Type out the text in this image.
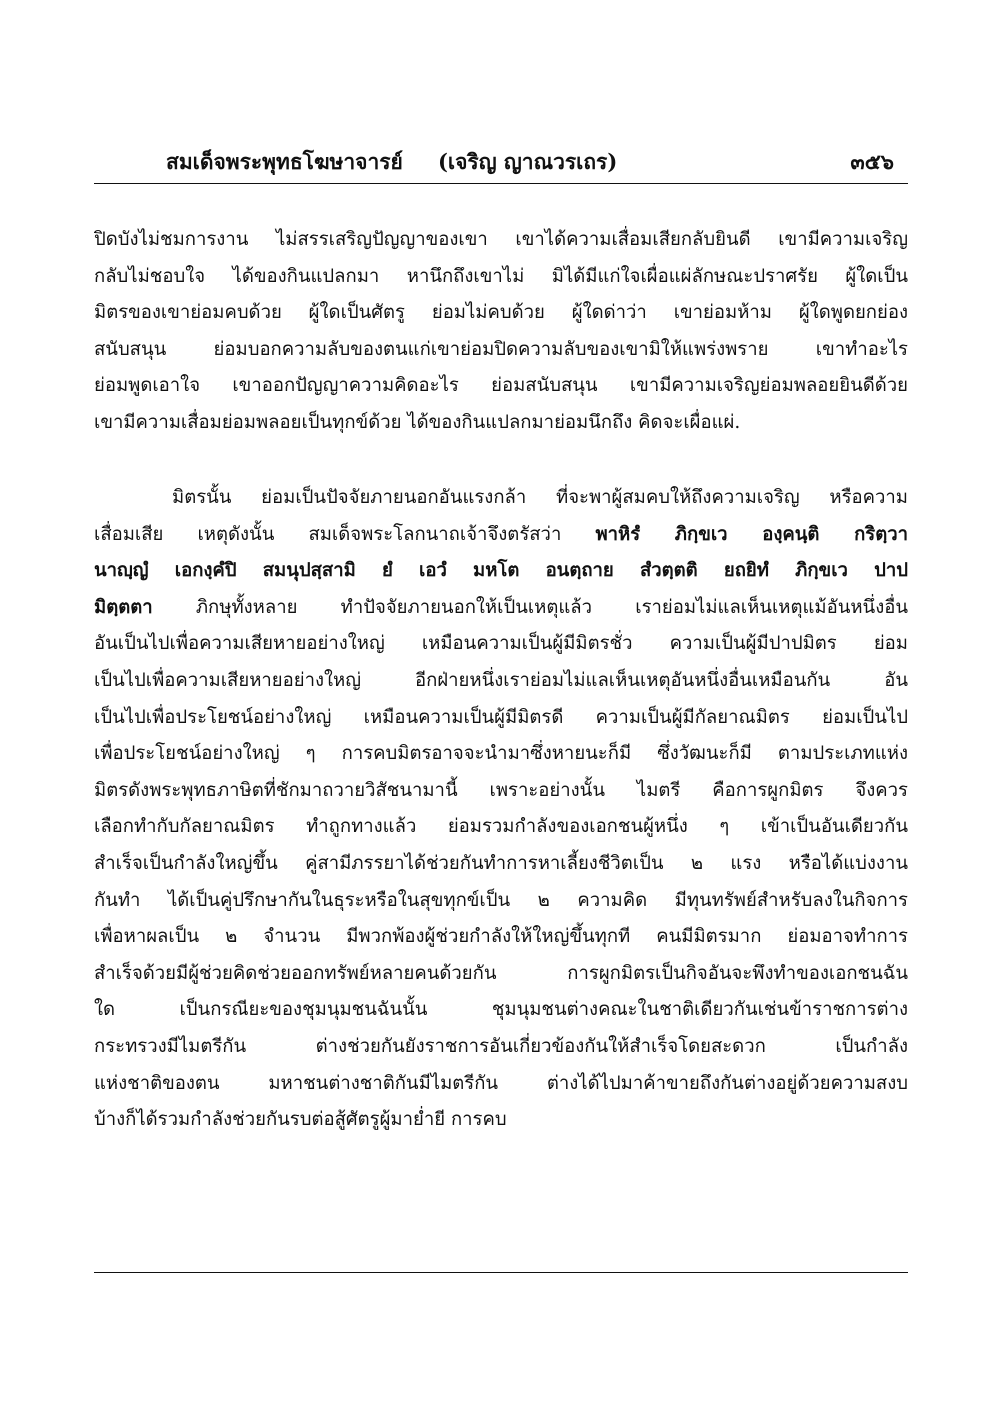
สมเด็จพระพุทธโฆษาจารย์ (เจริญ ญาณวรเถร)	๓๕๖
ปิดบังไม่ชมการงาน ไม่สรรเสริญปัญญาของเขา เขาได้ความเสื่อมเสียกลับยินดี เขามีความเจริญ
กลับไม่ชอบใจ ได้ของกินแปลกมา หานึกถึงเขาไม่ มิได้มีแก่ใจเผื่อแผ่ลักษณะปราศรัย ผู้ใดเป็น
มิตรของเขาย่อมคบด้วย ผู้ใดเป็นศัตรู ย่อมไม่คบด้วย ผู้ใดด่าว่า เขาย่อมห้าม ผู้ใดพูดยกย่อง
สนับสนุน ย่อมบอกความลับของตนแก่เขาย่อมปิดความลับของเขามิให้แพร่งพราย เขาทำอะไร
ย่อมพูดเอาใจ เขาออกปัญญาความคิดอะไร ย่อมสนับสนุน เขามีความเจริญย่อมพลอยยินดีด้วย
เขามีความเสื่อมย่อมพลอยเป็นทุกข์ด้วย ได้ของกินแปลกมาย่อมนึกถึง คิดจะเผื่อแผ่.
มิตรนั้น ย่อมเป็นปัจจัยภายนอกอันแรงกล้า ที่จะพาผู้สมคบให้ถึงความเจริญ หรือความ
เสื่อมเสีย เหตุดังนั้น สมเด็จพระโลกนาถเจ้าจึงตรัสว่า พาหิรํ ภิกฺขเว องฺคนฺติ กริตฺวา
นาญฺญํ เอกงฺคํปิ สมนุปสฺสามิ ยํ เอวํ มหโต อนตฺถาย สํวตฺตติ ยถยิทํ ภิกฺขเว ปาป
มิตฺตตา ภิกษุทั้งหลาย ทำปัจจัยภายนอกให้เป็นเหตุแล้ว เราย่อมไม่แลเห็นเหตุแม้อันหนึ่งอื่น
อันเป็นไปเพื่อความเสียหายอย่างใหญ่ เหมือนความเป็นผู้มีมิตรชั่ว ความเป็นผู้มีปาปมิตร ย่อม
เป็นไปเพื่อความเสียหายอย่างใหญ่ อีกฝ่ายหนึ่งเราย่อมไม่แลเห็นเหตุอันหนึ่งอื่นเหมือนกัน อัน
เป็นไปเพื่อประโยชน์อย่างใหญ่ เหมือนความเป็นผู้มีมิตรดี ความเป็นผู้มีกัลยาณมิตร ย่อมเป็นไป
เพื่อประโยชน์อย่างใหญ่ ๆ การคบมิตรอาจจะนำมาซึ่งหายนะก็มี ซึ่งวัฒนะก็มี ตามประเภทแห่ง
มิตรดังพระพุทธภาษิตที่ชักมาถวายวิสัชนามานี้ เพราะอย่างนั้น ไมตรี คือการผูกมิตร จึงควร
เลือกทำกับกัลยาณมิตร ทำถูกทางแล้ว ย่อมรวมกำลังของเอกชนผู้หนึ่ง ๆ เข้าเป็นอันเดียวกัน
สำเร็จเป็นกำลังใหญ่ขึ้น คู่สามีภรรยาได้ช่วยกันทำการหาเลี้ยงชีวิตเป็น ๒ แรง หรือได้แบ่งงาน
กันทำ ได้เป็นคู่ปรึกษากันในธุระหรือในสุขทุกข์เป็น ๒ ความคิด มีทุนทรัพย์สำหรับลงในกิจการ
เพื่อหาผลเป็น ๒ จำนวน มีพวกพ้องผู้ช่วยกำลังให้ใหญ่ขึ้นทุกที คนมีมิตรมาก ย่อมอาจทำการ
สำเร็จด้วยมีผู้ช่วยคิดช่วยออกทรัพย์หลายคนด้วยกัน การผูกมิตรเป็นกิจอันจะพึงทำของเอกชนฉัน
ใด เป็นกรณียะของชุมนุมชนฉันนั้น ชุมนุมชนต่างคณะในชาติเดียวกันเช่นข้าราชการต่าง
กระทรวงมีไมตรีกัน ต่างช่วยกันยังราชการอันเกี่ยวข้องกันให้สำเร็จโดยสะดวก เป็นกำลัง
แห่งชาติของตน มหาชนต่างชาติกันมีไมตรีกัน ต่างได้ไปมาค้าขายถึงกันต่างอยู่ด้วยความสงบ
บ้างก็ได้รวมกำลังช่วยกันรบต่อสู้ศัตรูผู้มาย่ำยี การคบ
